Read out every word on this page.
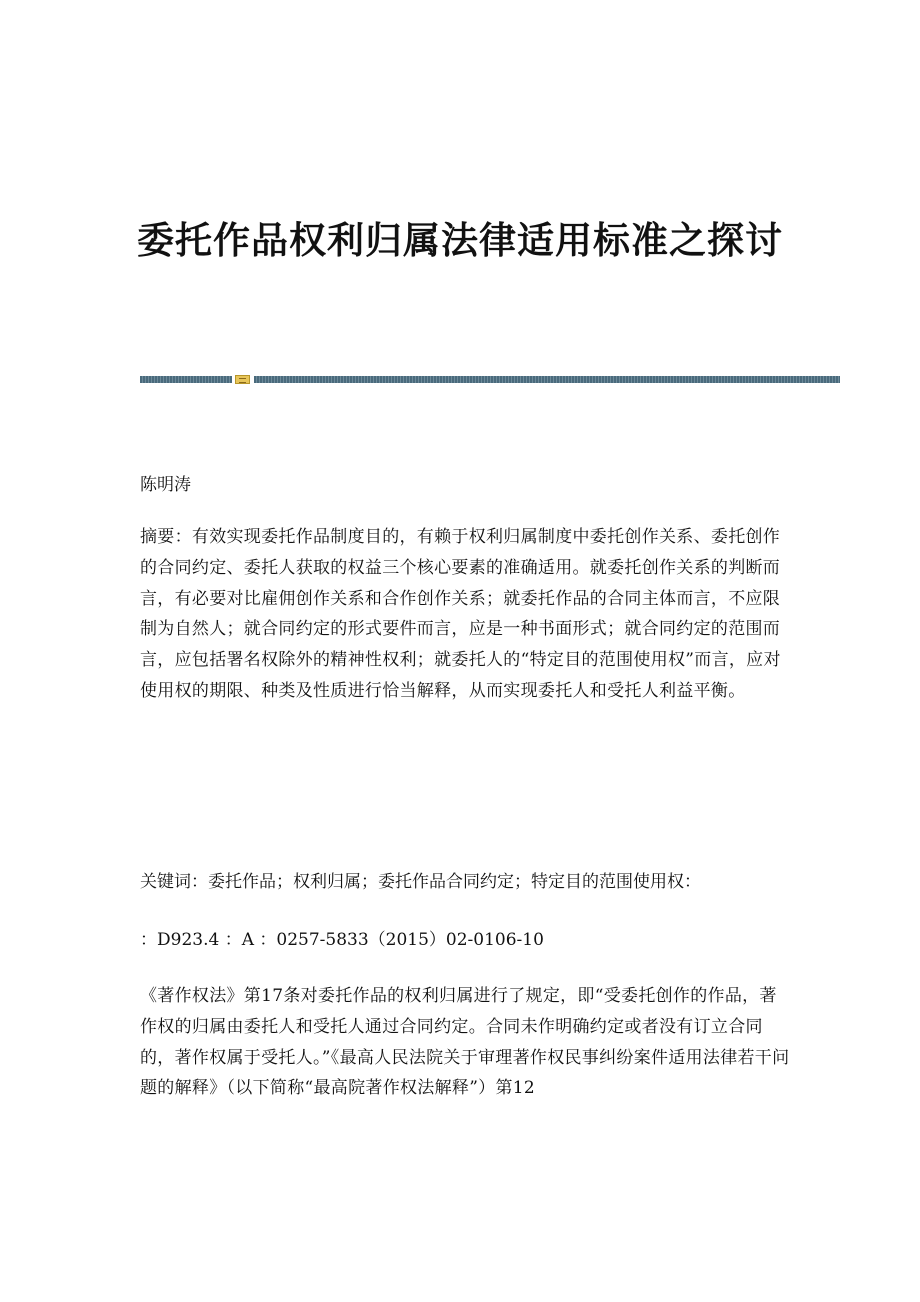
委托作品权利归属法律适用标准之探讨
陈明涛
摘要：有效实现委托作品制度目的，有赖于权利归属制度中委托创作关系、委托创作的合同约定、委托人获取的权益三个核心要素的准确适用。就委托创作关系的判断而言，有必要对比雇佣创作关系和合作创作关系；就委托作品的合同主体而言，不应限制为自然人；就合同约定的形式要件而言，应是一种书面形式；就合同约定的范围而言，应包括署名权除外的精神性权利；就委托人的“特定目的范围使用权”而言，应对使用权的期限、种类及性质进行恰当解释，从而实现委托人和受托人利益平衡。
关键词：委托作品；权利归属；委托作品合同约定；特定目的范围使用权：
：D923.4 ：A ：0257-5833（2015）02-0106-10
《著作权法》第17条对委托作品的权利归属进行了规定，即“受委托创作的作品，著作权的归属由委托人和受托人通过合同约定。合同未作明确约定或者没有订立合同的，著作权属于受托人。”《最高人民法院关于审理著作权民事纠纷案件适用法律若干问题的解释》（以下简称“最高院著作权法解释”）第12
